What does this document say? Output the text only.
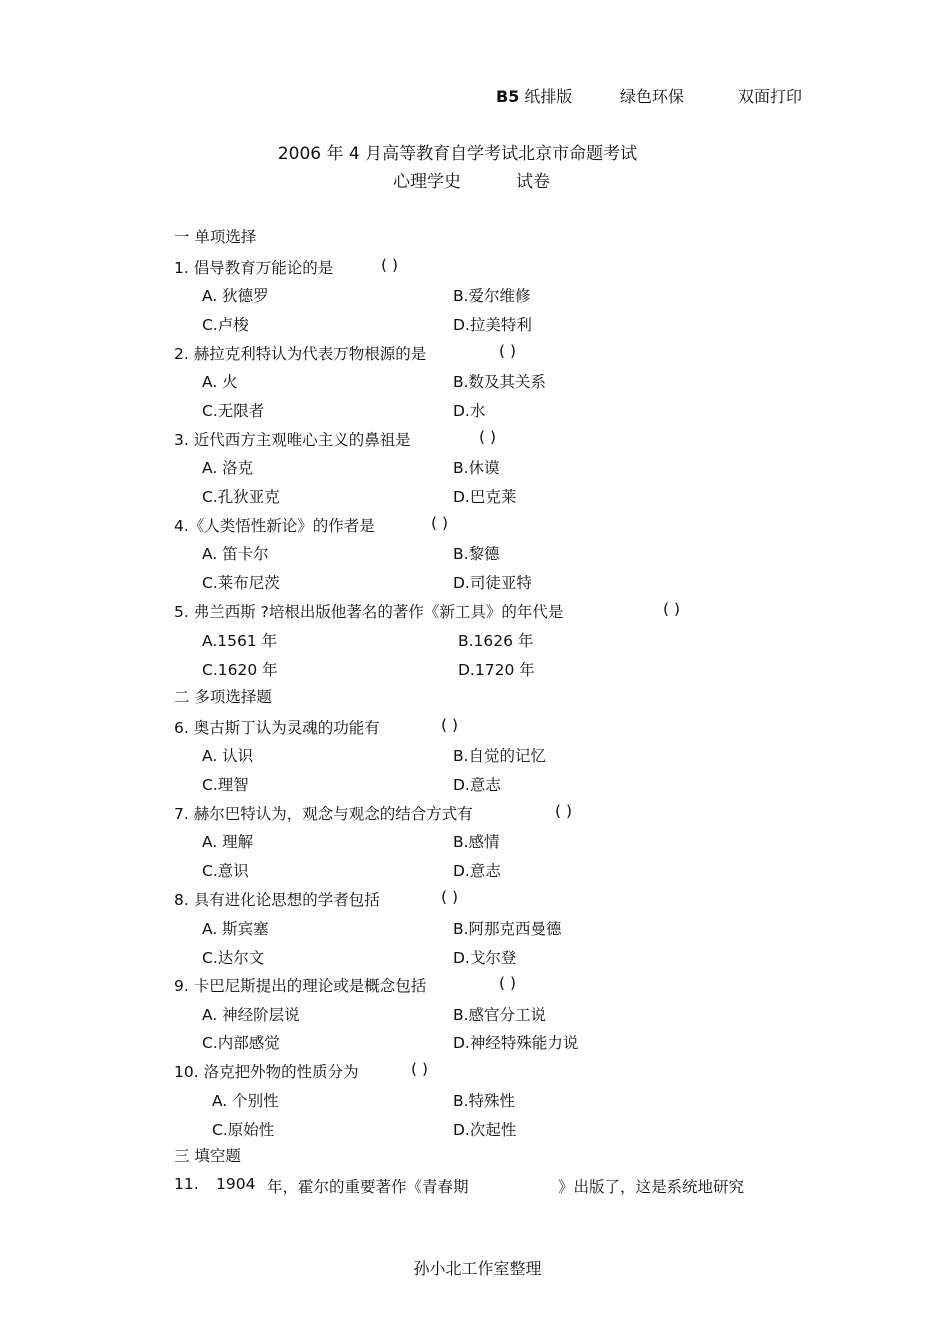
B5 纸排版	绿色环保	双面打印
2006 年 4 月高等教育自学考试北京市命题考试
心理学史	试卷
一 单项选择
1. 倡导教育万能论的是	( )
A. 狄德罗	B.爱尔维修
C.卢梭	D.拉美特利
2. 赫拉克利特认为代表万物根源的是	( )
A. 火	B.数及其关系
C.无限者	D.水
3. 近代西方主观唯心主义的鼻祖是	( )
A. 洛克	B.休谟
C.孔狄亚克	D.巴克莱
4.《人类悟性新论》的作者是	( )
A. 笛卡尔	B.黎德
C.莱布尼茨	D.司徒亚特
5. 弗兰西斯 ?培根出版他著名的著作《新工具》的年代是	( )
A.1561 年	B.1626 年
C.1620 年	D.1720 年
二 多项选择题
6. 奥古斯丁认为灵魂的功能有	( )
A. 认识	B.自觉的记忆
C.理智	D.意志
7. 赫尔巴特认为，观念与观念的结合方式有	( )
A. 理解	B.感情
C.意识	D.意志
8. 具有进化论思想的学者包括	( )
A. 斯宾塞	B.阿那克西曼德
C.达尔文	D.戈尔登
9. 卡巴尼斯提出的理论或是概念包括	( )
A. 神经阶层说	B.感官分工说
C.内部感觉	D.神经特殊能力说
10. 洛克把外物的性质分为	( )
A. 个别性	B.特殊性
C.原始性	D.次起性
三 填空题
11. 1904 年，霍尔的重要著作《青春期	》出版了，这是系统地研究
孙小北工作室整理
